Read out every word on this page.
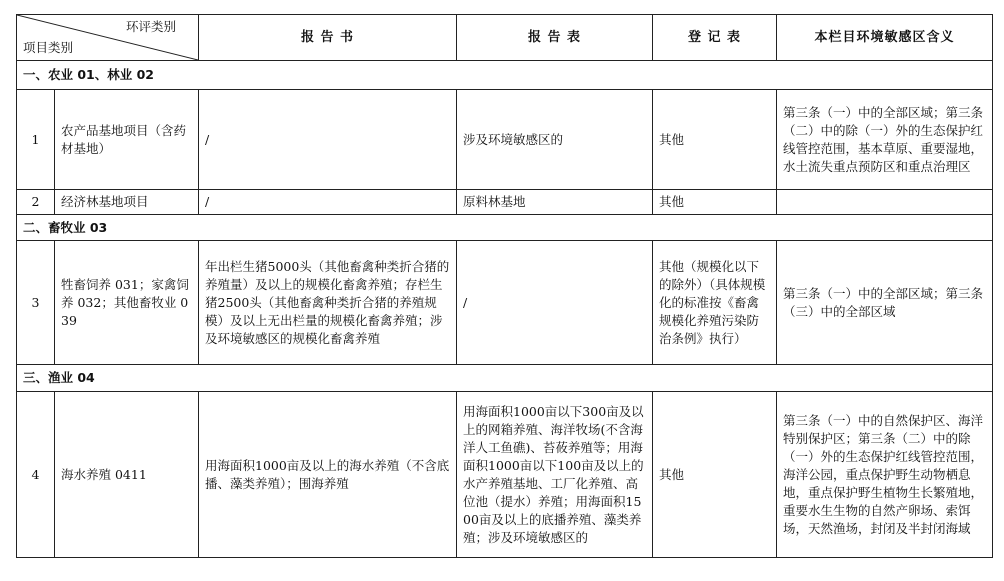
环评类别
项目类别		报 告 书	报 告 表	登 记 表	本栏目环境敏感区含义
一、农业 01、林业 02					
1	农产品基地项目（含药材基地）	/	涉及环境敏感区的	其他	第三条（一）中的全部区域；第三条（二）中的除（一）外的生态保护红线管控范围，基本草原、重要湿地，水土流失重点预防区和重点治理区
2	经济林基地项目	/	原料林基地	其他	
二、畜牧业 03					
3	牲畜饲养 031；家禽饲养 032；其他畜牧业 039	年出栏生猪5000头（其他畜禽种类折合猪的养殖量）及以上的规模化畜禽养殖；存栏生猪2500头（其他畜禽种类折合猪的养殖规模）及以上无出栏量的规模化畜禽养殖；涉及环境敏感区的规模化畜禽养殖	/	其他（规模化以下的除外）（具体规模化的标准按《畜禽规模化养殖污染防治条例》执行）	第三条（一）中的全部区域；第三条（三）中的全部区域
三、渔业 04					
4	海水养殖 0411	用海面积1000亩及以上的海水养殖（不含底播、藻类养殖）；围海养殖	用海面积1000亩以下300亩及以上的网箱养殖、海洋牧场(不含海洋人工鱼礁)、苔莜养殖等；用海面积1000亩以下100亩及以上的水产养殖基地、工厂化养殖、高位池（提水）养殖；用海面积1500亩及以上的底播养殖、藻类养殖；涉及环境敏感区的	其他	第三条（一）中的自然保护区、海洋特别保护区；第三条（二）中的除（一）外的生态保护红线管控范围，海洋公园，重点保护野生动物栖息地，重点保护野生植物生长繁殖地，重要水生生物的自然产卵场、索饵场，天然渔场，封闭及半封闭海域
